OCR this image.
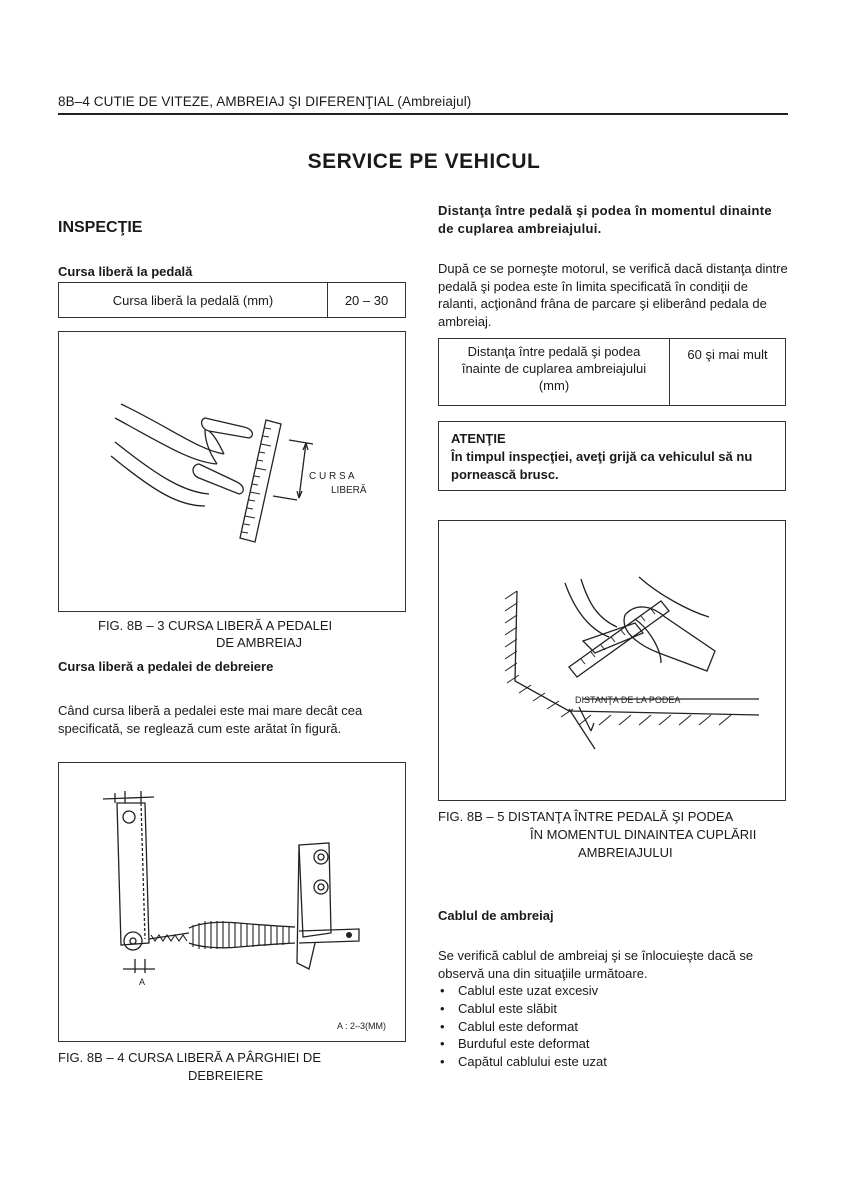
8B–4 CUTIE DE VITEZE, AMBREIAJ ŞI DIFERENŢIAL (Ambreiajul)
SERVICE PE VEHICUL
INSPECŢIE
Cursa liberă la pedală
Cursa liberă la pedală (mm)	20 – 30
C U R S A
LIBERĂ
FIG. 8B – 3 CURSA LIBERĂ A PEDALEI
DE AMBREIAJ
Cursa liberă a pedalei de debreiere
Când cursa liberă a pedalei este mai mare decât cea specificată, se reglează cum este arătat în figură.
A
A : 2–3(MM)
FIG. 8B – 4 CURSA LIBERĂ A PÂRGHIEI DE
DEBREIERE
Distanţa între pedală şi podea în momentul dinainte de cuplarea ambreiajului.
După ce se porneşte motorul, se verifică dacă distanţa dintre pedală şi podea este în limita specificată în condiţii de ralanti, acţionând frâna de parcare şi eliberând pedala de ambreiaj.
Distanţa între pedală şi podea
înainte de cuplarea ambreiajului
(mm)
	60 şi mai mult
ATENŢIE
În timpul inspecţiei, aveţi grijă ca vehiculul să nu pornească brusc.
DISTANŢA DE LA PODEA
FIG. 8B – 5 DISTANŢA ÎNTRE PEDALĂ ŞI PODEA
ÎN MOMENTUL DINAINTEA CUPLĂRII
AMBREIAJULUI
Cablul de ambreiaj
Se verifică cablul de ambreiaj şi se înlocuieşte dacă se observă una din situaţiile următoare.
• Cablul este uzat excesiv
• Cablul este slăbit
• Cablul este deformat
• Burduful este deformat
• Capătul cablului este uzat
